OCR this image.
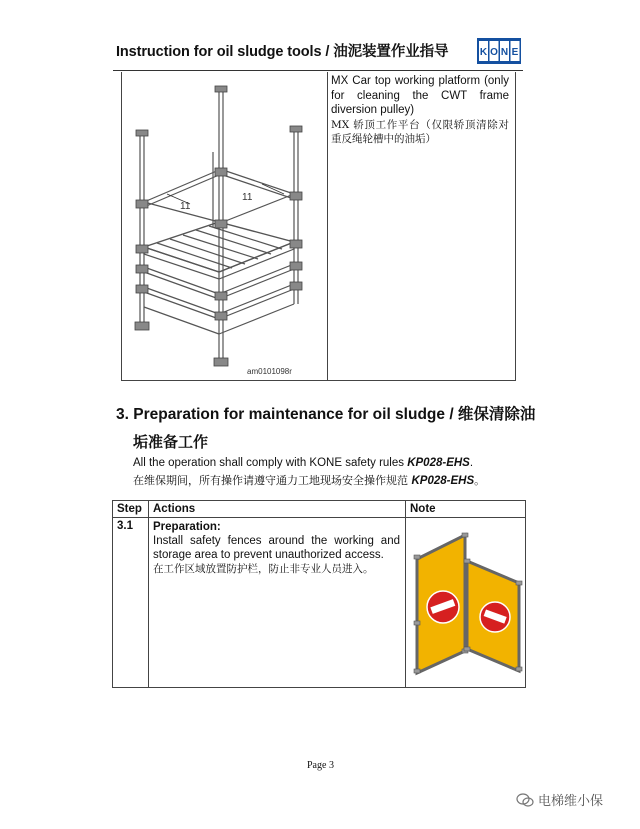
Instruction for oil sludge tools / 油泥装置作业指导	K O N E
11
11
am0101098r
MX Car top working platform (only for cleaning the CWT frame diversion pulley)
MX 轿顶工作平台（仅限轿顶清除对重反绳轮槽中的油垢）
3. Preparation for maintenance for oil sludge / 维保清除油
垢准备工作
All the operation shall comply with KONE safety rules KP028-EHS.
在维保期间，所有操作请遵守通力工地现场安全操作规范 KP028-EHS。
Step Actions	Note
3.1 Preparation:
Install safety fences around the working and storage area to prevent unauthorized access.
在工作区域放置防护栏，防止非专业人员进入。
Page 3
电梯维小保
